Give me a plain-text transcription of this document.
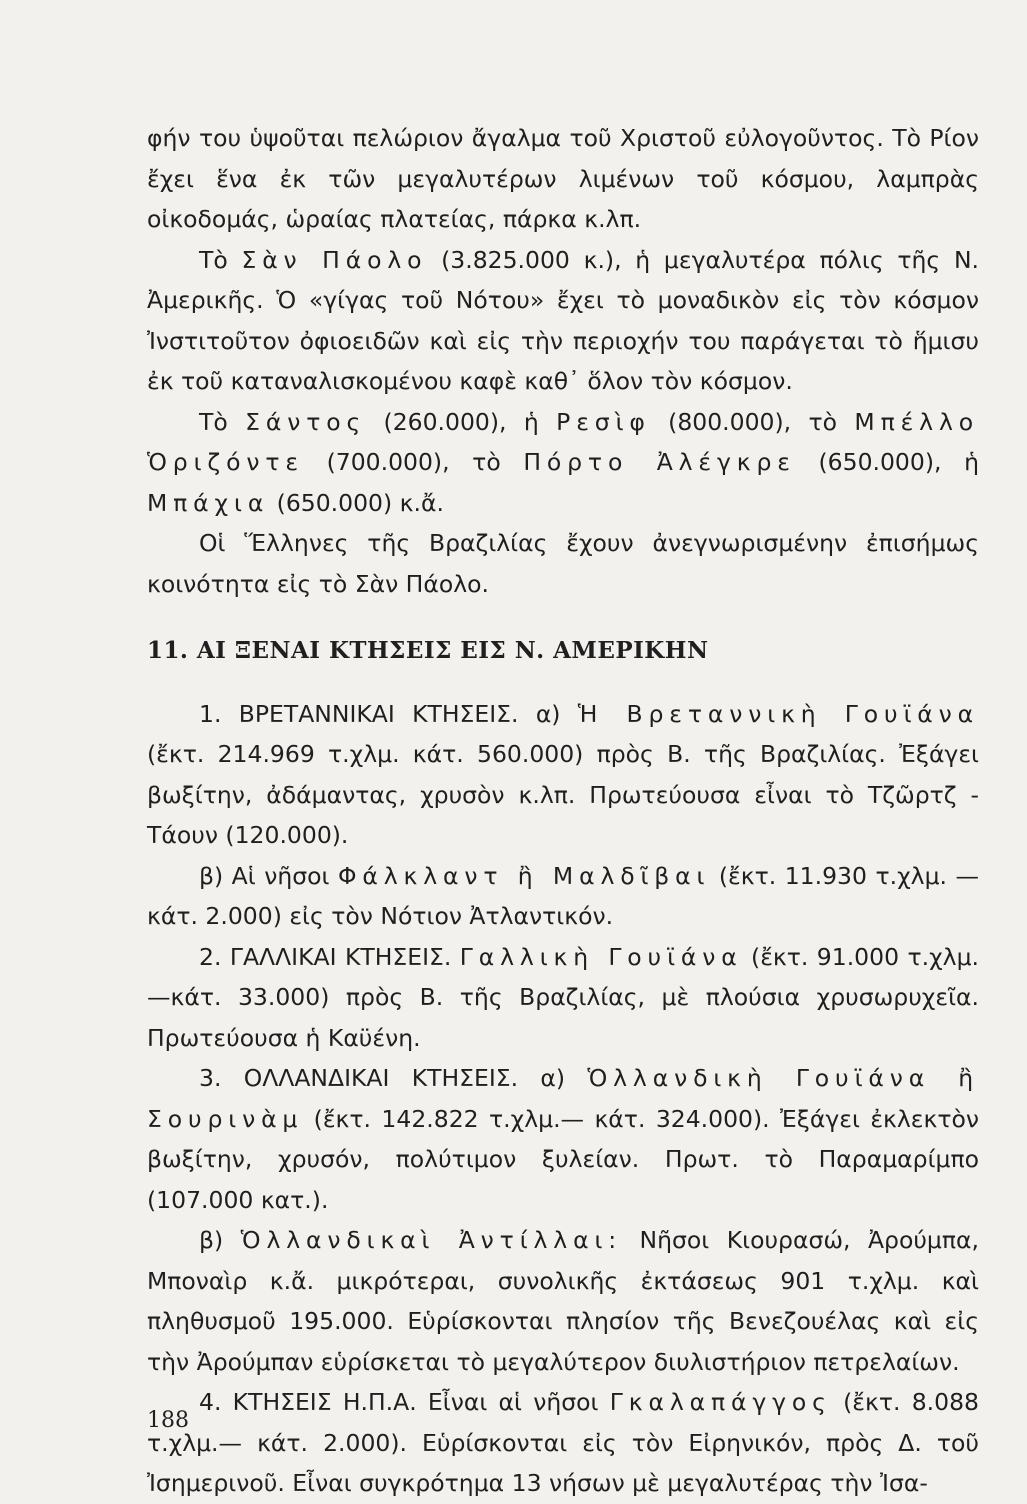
φήν του ὑψοῦται πελώριον ἄγαλμα τοῦ Χριστοῦ εὐλογοῦντος. Τὸ Ρίον ἔχει ἕνα ἐκ τῶν μεγαλυτέρων λιμένων τοῦ κόσμου, λαμπρὰς οἰκοδομάς, ὡραίας πλατείας, πάρκα κ.λπ.

Τὸ Σὰν Πάολο (3.825.000 κ.), ἡ μεγαλυτέρα πόλις τῆς Ν. Ἀμερικῆς. Ὁ «γίγας τοῦ Νότου» ἔχει τὸ μοναδικὸν εἰς τὸν κόσμον Ἰνστιτοῦτον ὀφιοειδῶν καὶ εἰς τὴν περιοχήν του παράγεται τὸ ἥμισυ ἐκ τοῦ καταναλισκομένου καφὲ καθ᾽ ὅλον τὸν κόσμον.

Τὸ Σάντος (260.000), ἡ Ρεσὶφ (800.000), τὸ Μπέλλο Ὁριζόντε (700.000), τὸ Πόρτο Ἀλέγκρε (650.000), ἡ Μπάχια (650.000) κ.ἄ.

Οἱ Ἕλληνες τῆς Βραζιλίας ἔχουν ἀνεγνωρισμένην ἐπισήμως κοινότητα εἰς τὸ Σὰν Πάολο.

11. ΑΙ ΞΕΝΑΙ ΚΤΗΣΕΙΣ ΕΙΣ Ν. ΑΜΕΡΙΚΗΝ

1. ΒΡΕΤΑΝΝΙΚΑΙ ΚΤΗΣΕΙΣ. α) Ἡ Βρεταννικὴ Γουϊάνα (ἔκτ. 214.969 τ.χλμ. κάτ. 560.000) πρὸς Β. τῆς Βραζιλίας. Ἐξάγει βωξίτην, ἀδάμαντας, χρυσὸν κ.λπ. Πρωτεύουσα εἶναι τὸ Τζῶρτζ - Τάουν (120.000).

β) Αἱ νῆσοι Φάλκλαντ ἢ Μαλδῖβαι (ἔκτ. 11.930 τ.χλμ. — κάτ. 2.000) εἰς τὸν Νότιον Ἀτλαντικόν.

2. ΓΑΛΛΙΚΑΙ ΚΤΗΣΕΙΣ. Γαλλικὴ Γουϊάνα (ἔκτ. 91.000 τ.χλμ.—κάτ. 33.000) πρὸς Β. τῆς Βραζιλίας, μὲ πλούσια χρυσωρυχεῖα. Πρωτεύουσα ἡ Καϋένη.

3. ΟΛΛΑΝΔΙΚΑΙ ΚΤΗΣΕΙΣ. α) Ὁλλανδικὴ Γουϊάνα ἢ Σουρινὰμ (ἔκτ. 142.822 τ.χλμ.— κάτ. 324.000). Ἐξάγει ἐκλεκτὸν βωξίτην, χρυσόν, πολύτιμον ξυλείαν. Πρωτ. τὸ Παραμαρίμπο (107.000 κατ.).

β) Ὁλλανδικαὶ Ἀντίλλαι: Νῆσοι Κιουρασώ, Ἀρούμπα, Μποναὶρ κ.ἄ. μικρότεραι, συνολικῆς ἐκτάσεως 901 τ.χλμ. καὶ πληθυσμοῦ 195.000. Εὑρίσκονται πλησίον τῆς Βενεζουέλας καὶ εἰς τὴν Ἀρούμπαν εὑρίσκεται τὸ μεγαλύτερον διυλιστήριον πετρελαίων.

4. ΚΤΗΣΕΙΣ Η.Π.Α. Εἶναι αἱ νῆσοι Γκαλαπάγγος (ἔκτ. 8.088 τ.χλμ.— κάτ. 2.000). Εὑρίσκονται εἰς τὸν Εἰρηνικόν, πρὸς Δ. τοῦ Ἰσημερινοῦ. Εἶναι συγκρότημα 13 νήσων μὲ μεγαλυτέρας τὴν Ἰσα-

188
